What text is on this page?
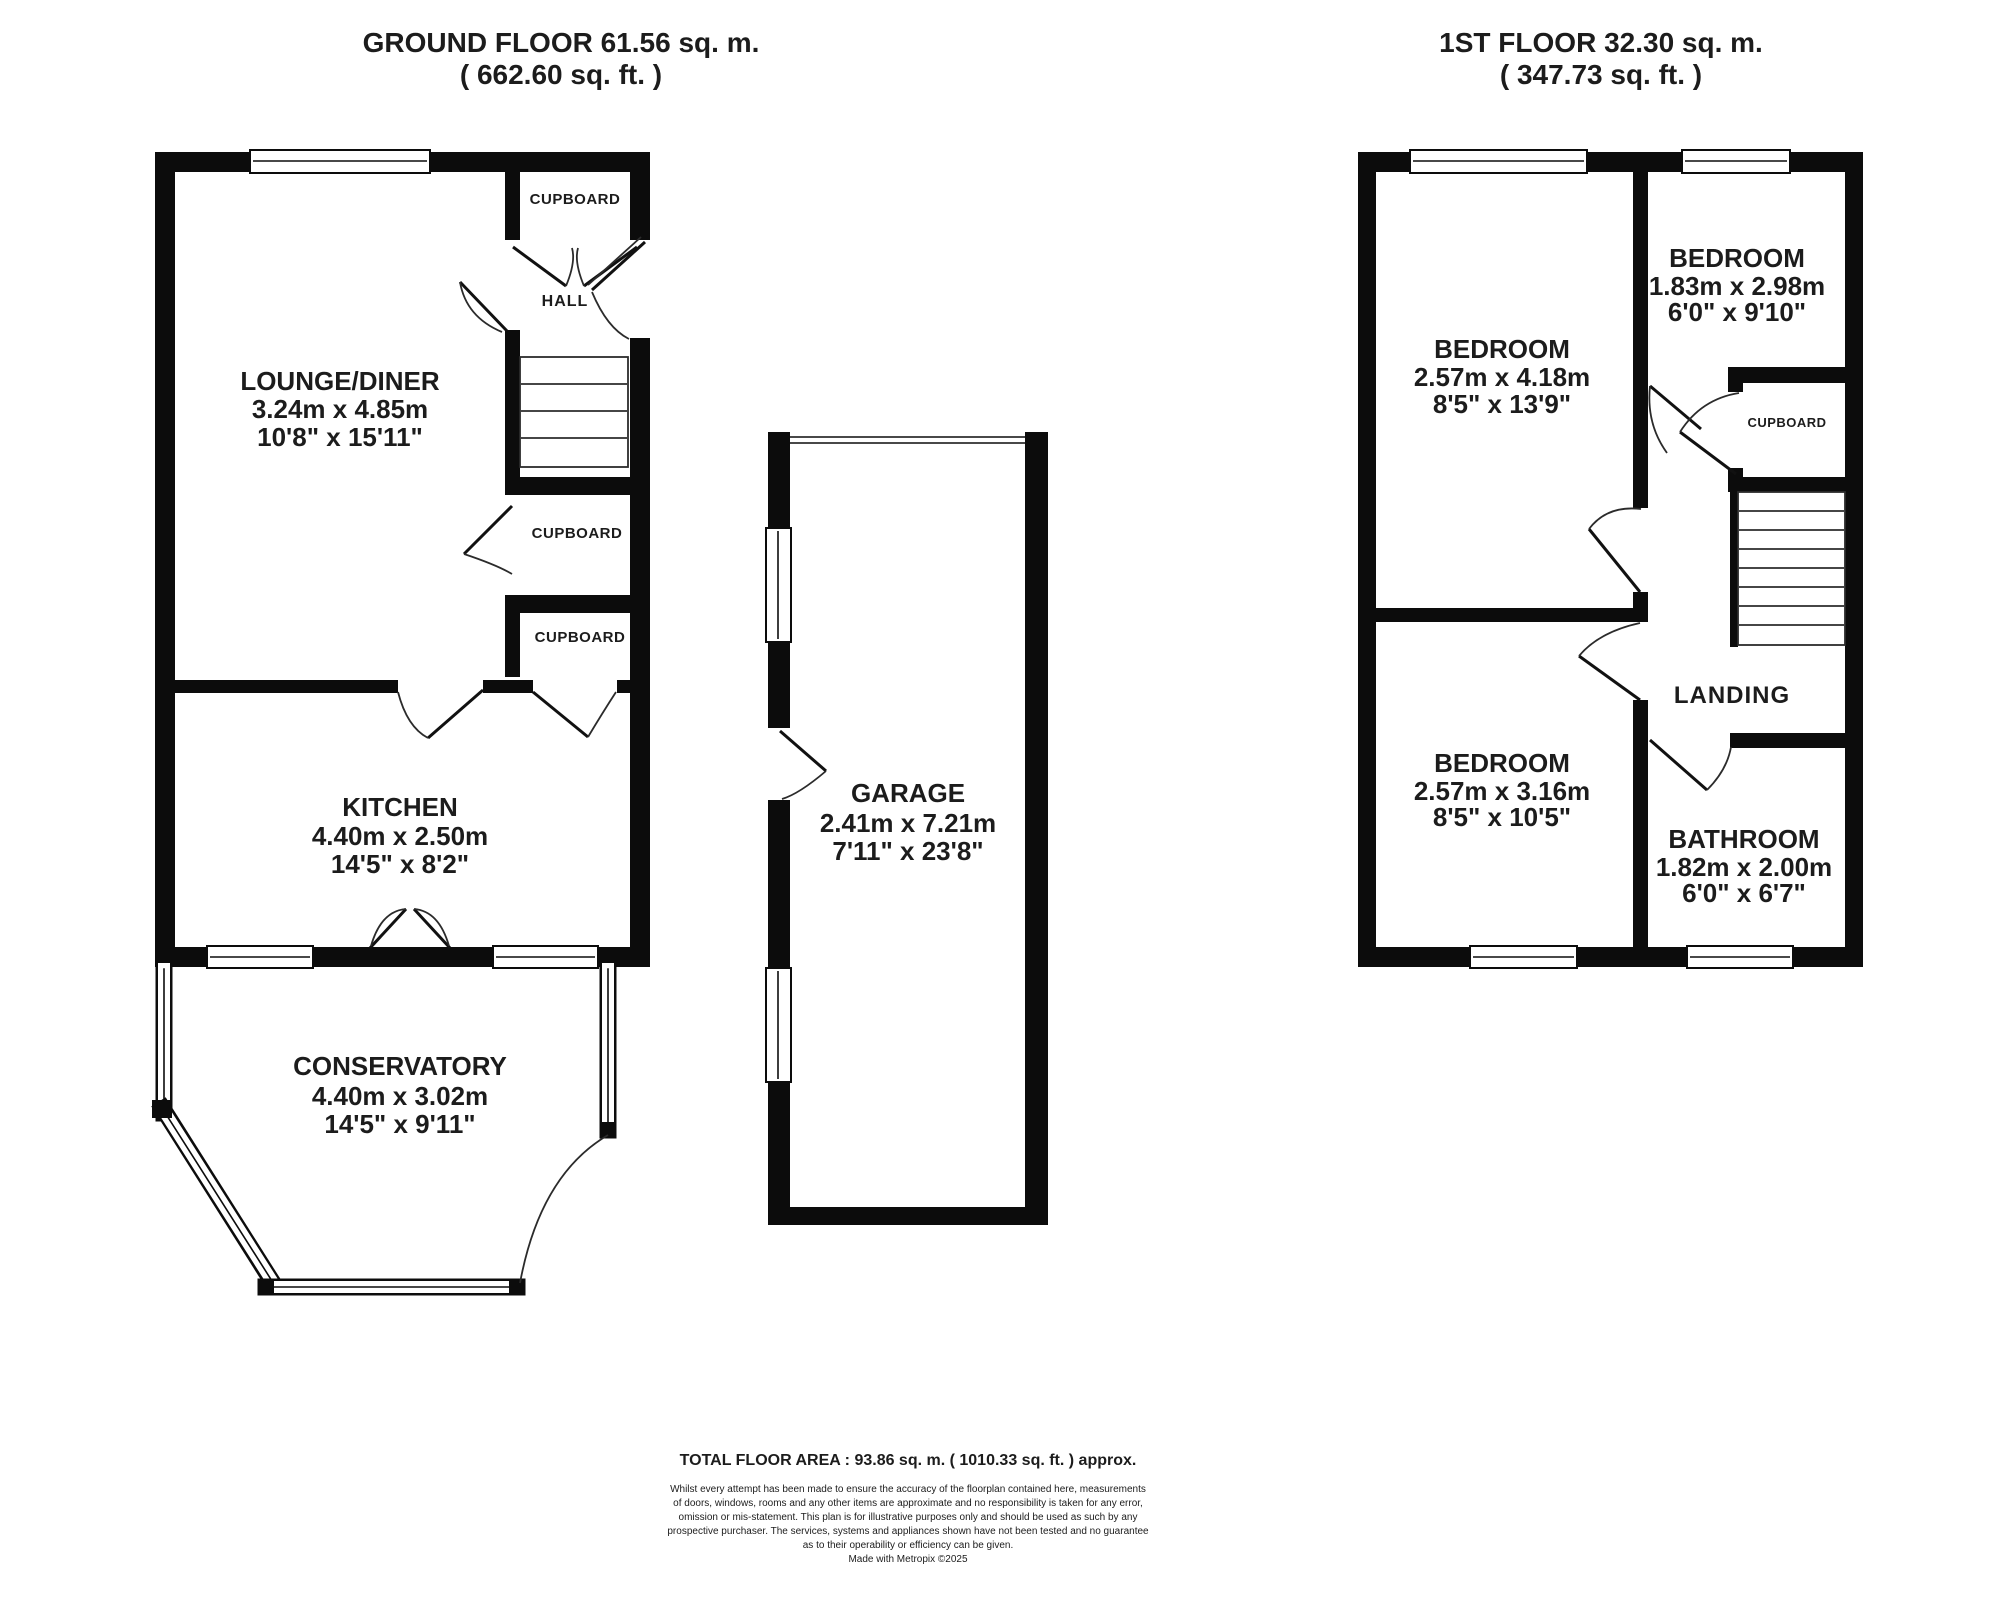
GROUND FLOOR 61.56 sq. m.
( 662.60 sq. ft. )
1ST FLOOR 32.30 sq. m.
( 347.73 sq. ft. )
LOUNGE/DINER
3.24m x 4.85m
10'8" x 15'11"
CUPBOARD
HALL
CUPBOARD
CUPBOARD
KITCHEN
4.40m x 2.50m
14'5" x 8'2"
CONSERVATORY
4.40m x 3.02m
14'5" x 9'11"
GARAGE
2.41m x 7.21m
7'11" x 23'8"
BEDROOM
2.57m x 4.18m
8'5" x 13'9"
BEDROOM
1.83m x 2.98m
6'0" x 9'10"
CUPBOARD
LANDING
BEDROOM
2.57m x 3.16m
8'5" x 10'5"
BATHROOM
1.82m x 2.00m
6'0" x 6'7"
TOTAL FLOOR AREA : 93.86 sq. m. ( 1010.33 sq. ft. ) approx.
Whilst every attempt has been made to ensure the accuracy of the floorplan contained here, measurements
of doors, windows, rooms and any other items are approximate and no responsibility is taken for any error,
omission or mis-statement. This plan is for illustrative purposes only and should be used as such by any
prospective purchaser. The services, systems and appliances shown have not been tested and no guarantee
as to their operability or efficiency can be given.
Made with Metropix ©2025
